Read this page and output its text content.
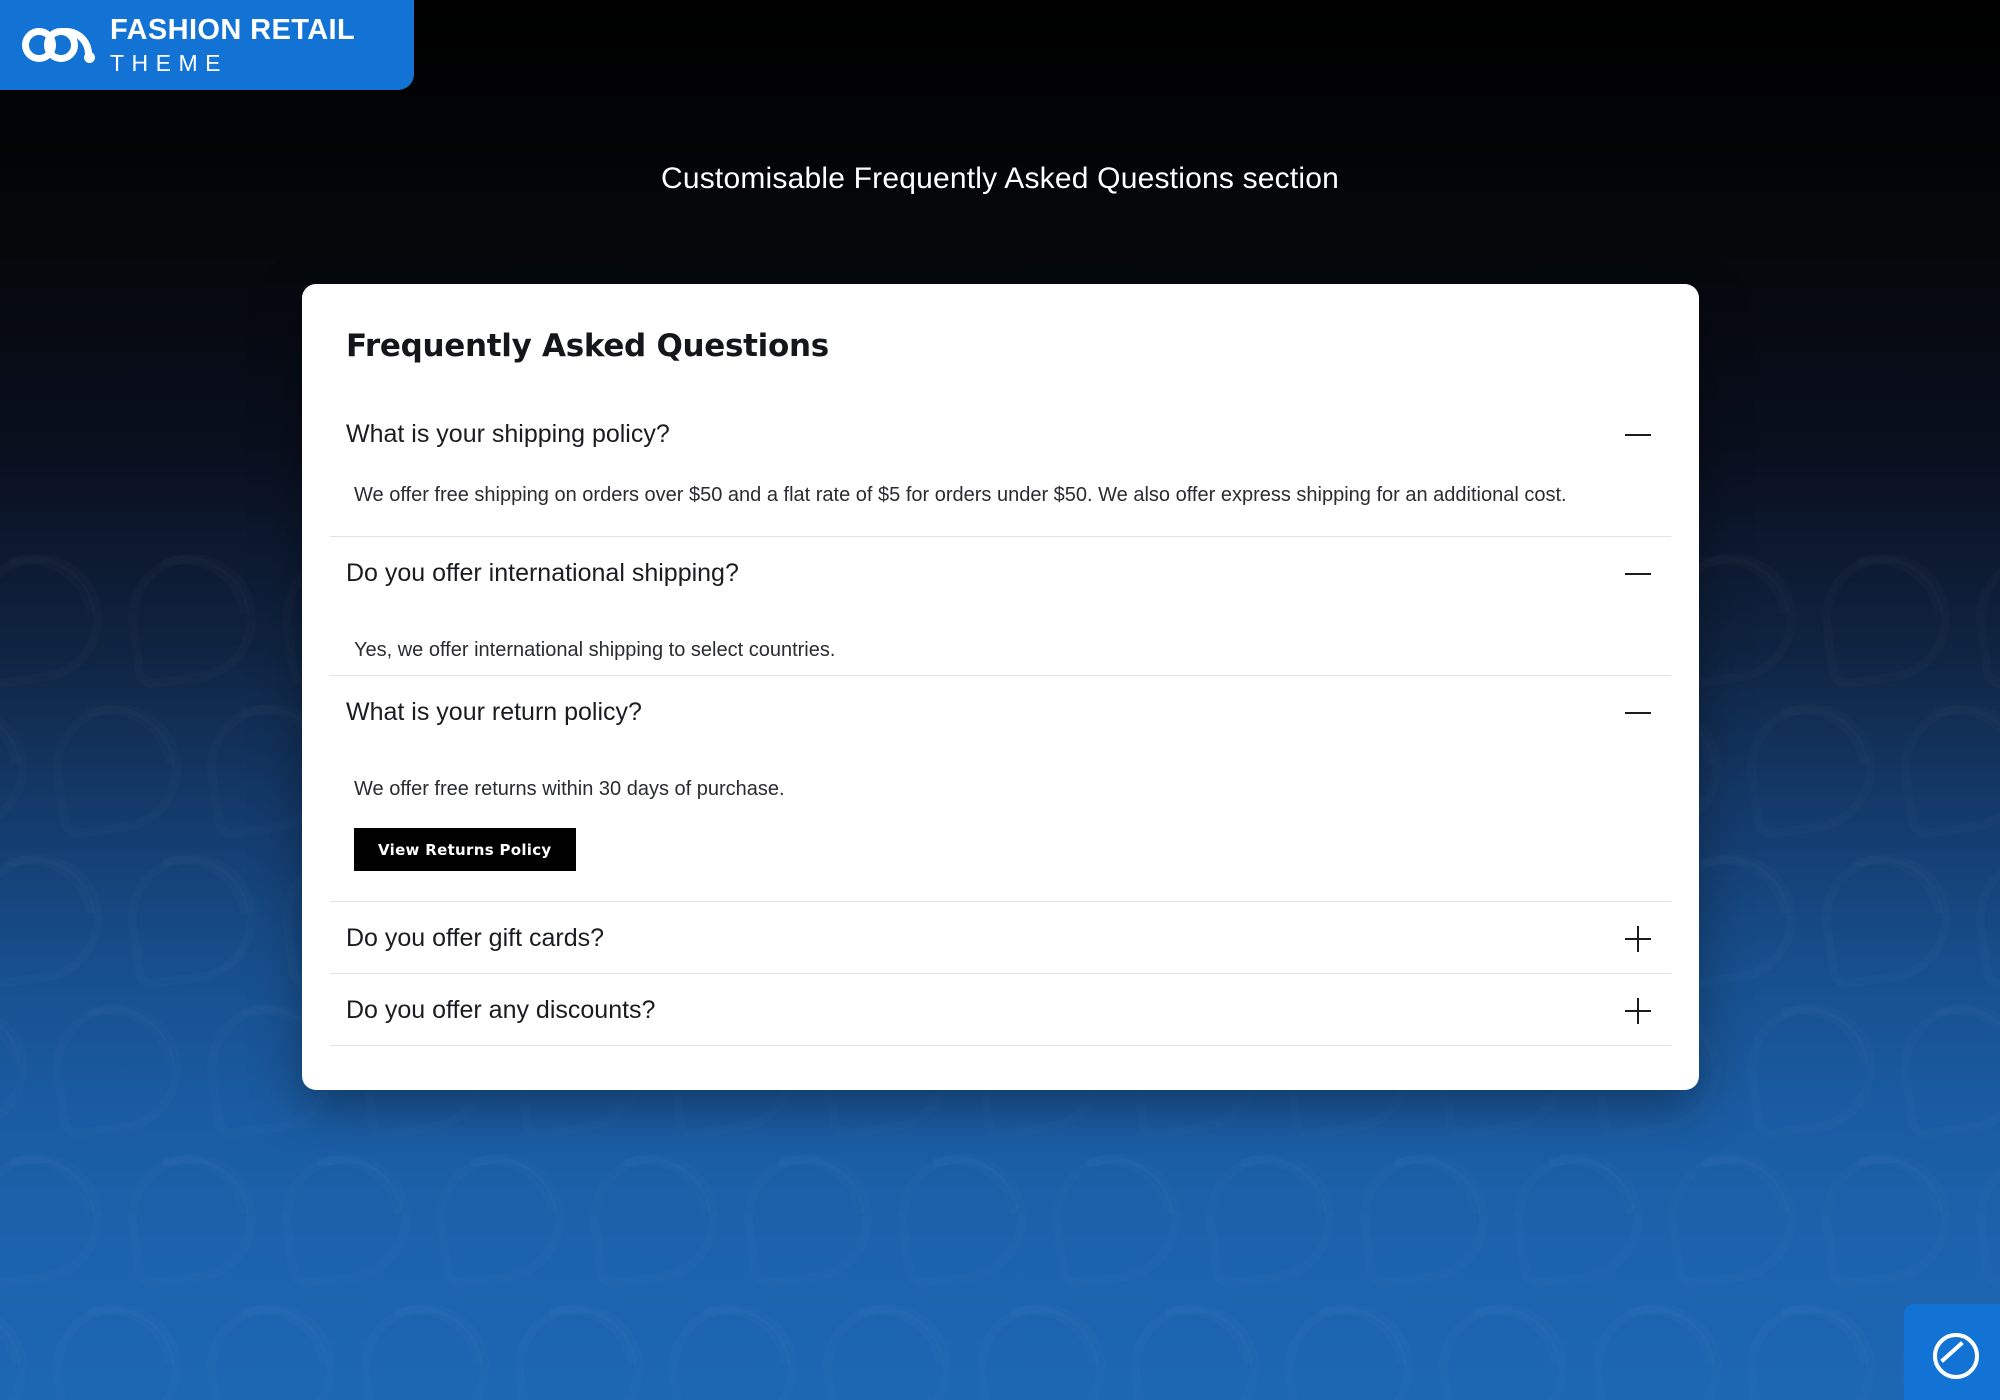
FASHION RETAIL
THEME
Customisable Frequently Asked Questions section
Frequently Asked Questions
What is your shipping policy?
We offer free shipping on orders over $50 and a flat rate of $5 for orders under $50. We also offer express shipping for an additional cost.
Do you offer international shipping?
Yes, we offer international shipping to select countries.
What is your return policy?
We offer free returns within 30 days of purchase.
View Returns Policy
Do you offer gift cards?
Do you offer any discounts?
